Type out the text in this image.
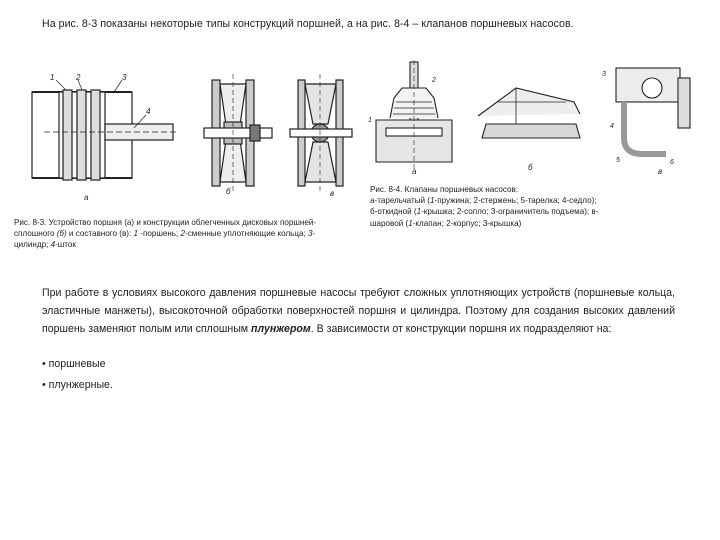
На рис. 8-3 показаны некоторые типы конструкций поршней, а на рис. 8-4 – клапанов поршневых насосов.
1	2	3
4
а
б	в
Рис. 8-3. Устройство поршня (а) и конструкции облегченных дисковых поршней-сплошного (б) и составного (в): 1 -поршень; 2-сменные уплотняющие кольца; 3-цилиндр; 4-шток
1
2
а	б
3
4
5	6
в
Рис. 8-4. Клапаны поршневых насосов:
а-тарельчатый (1-пружина; 2-стержень; 5-тарелка; 4-седло);
б-откидной (1-крышка; 2-сопло; 3-ограничитель подъема); в-
шаровой (1-клапан; 2-корпус; 3-крышка)
При работе в условиях высокого давления поршневые насосы требуют сложных уплотняющих устройств (поршневые кольца, эластичные манжеты), высокоточной обработки поверхностей поршня и цилиндра. Поэтому для создания высоких давлений поршень заменяют полым или сплошным плунжером. В зависимости от конструкции поршня их подразделяют на:
• поршневые
• плунжерные.
